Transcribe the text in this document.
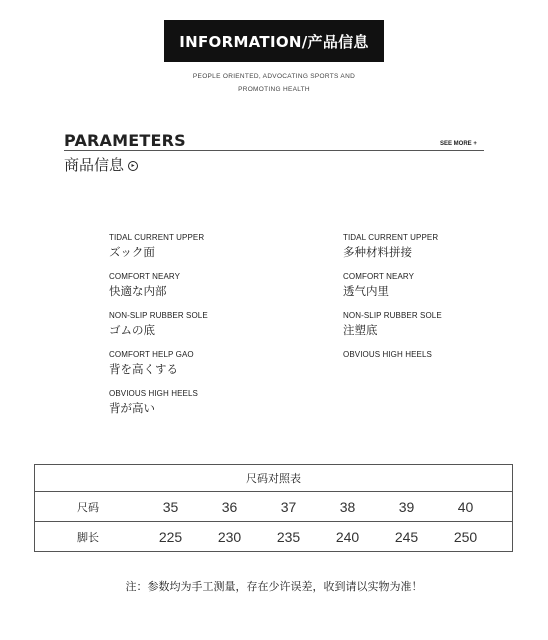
INFORMATION/产品信息
PEOPLE ORIENTED, ADVOCATING SPORTS AND
PROMOTING HEALTH
PARAMETERS	SEE MORE +
商品信息	▸
TIDAL CURRENT UPPER
ズック面
COMFORT NEARY
快適な内部
NON-SLIP RUBBER SOLE
ゴムの底
COMFORT HELP GAO
背を高くする
OBVIOUS HIGH HEELS
背が高い
TIDAL CURRENT UPPER
多种材料拼接
COMFORT NEARY
透气内里
NON-SLIP RUBBER SOLE
注塑底
OBVIOUS HIGH HEELS
尺码对照表
尺码	35	36	37	38	39	40
脚长	225	230	235	240	245	250
注：参数均为手工测量，存在少许误差，收到请以实物为准！
